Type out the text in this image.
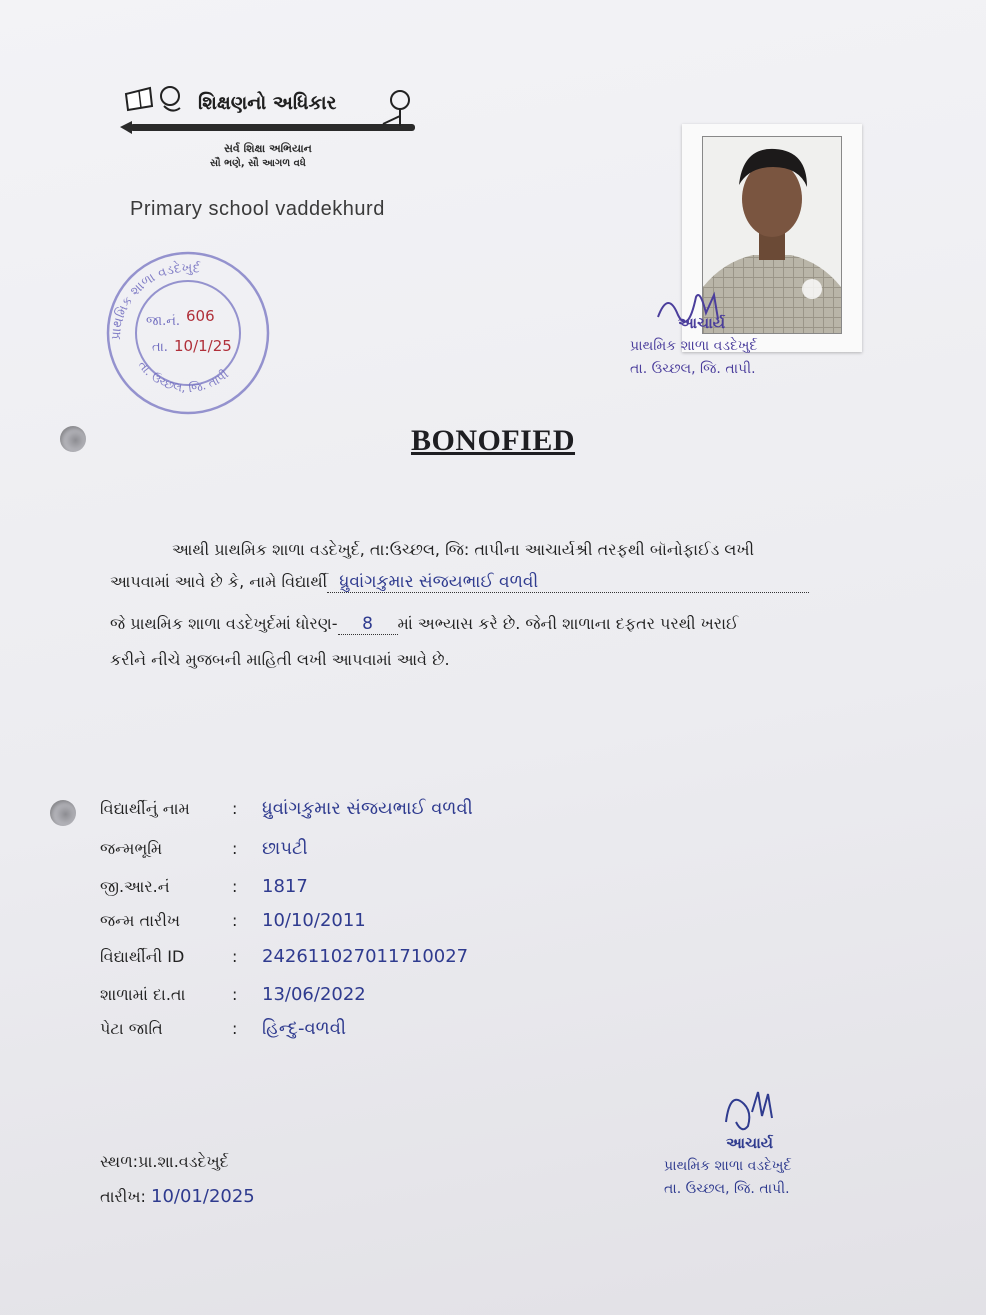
શિક્ષણનો અધિકાર
સર્વ શિક્ષા અભિયાન
સૌ ભણે, સૌ આગળ વધે
Primary school vaddekhurd
પ્રાથમિક શાળા વડદેખુર્દ
તા. ઉચ્છલ, જિ. તાપી
જા.નં. 606
તા. 10/1/25
આચાર્ય
પ્રાથમિક શાળા વડદેખુર્દ
તા. ઉચ્છલ, જિ. તાપી.
BONOFIED
આથી પ્રાથમિક શાળા વડદેખુર્દ, તા:ઉચ્છલ, જિ: તાપીના આચાર્યશ્રી તરફથી બૉનોફાઈડ લખી
આપવામાં આવે છે કે, નામે વિદ્યાર્થી ધ્રુવાંગકુમાર સંજયભાઈ વળવી
જે પ્રાથમિક શાળા વડદેખુર્દમાં ધોરણ- 8 માં અભ્યાસ કરે છે. જેની શાળાના દફતર પરથી ખરાઈ
કરીને નીચે મુજબની માહિતી લખી આપવામાં આવે છે.
વિદ્યાર્થીનું નામ	: ધ્રુવાંગકુમાર સંજયભાઈ વળવી
જન્મભૂમિ	: છાપટી
જી.આર.નં	: 1817
જન્મ તારીખ	: 10/10/2011
વિદ્યાર્થીની ID	: 242611027011710027
શાળામાં દા.તા	: 13/06/2022
પેટા જાતિ	: હિન્દુ-વળવી
સ્થળ:પ્રા.શા.વડદેખુર્દ
તારીખ: 10/01/2025
આચાર્ય
પ્રાથમિક શાળા વડદેખુર્દ
તા. ઉચ્છલ, જિ. તાપી.
